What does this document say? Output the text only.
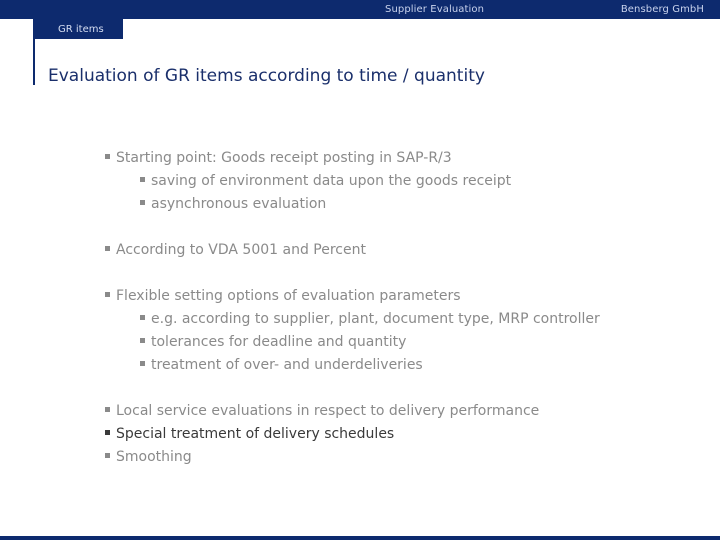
Supplier Evaluation	Bensberg GmbH
GR items
Evaluation of GR items according to time / quantity
Starting point: Goods receipt posting in SAP-R/3
saving of environment data upon the goods receipt
asynchronous evaluation
According to VDA 5001 and Percent
Flexible setting options of evaluation parameters
e.g. according to supplier, plant, document type, MRP controller
tolerances for deadline and quantity
treatment of over- and underdeliveries
Local service evaluations in respect to delivery performance
Special treatment of delivery schedules
Smoothing
